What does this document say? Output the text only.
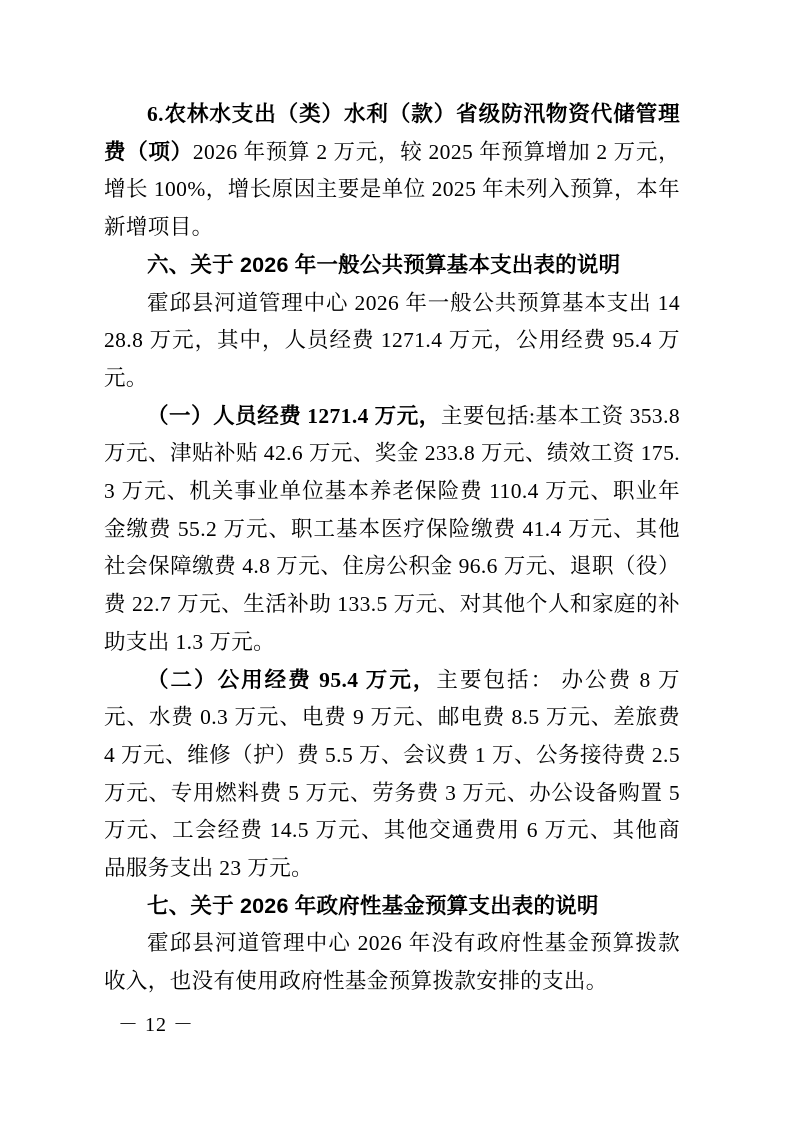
6.农林水支出（类）水利（款）省级防汛物资代储管理费（项）2026 年预算 2 万元，较 2025 年预算增加 2 万元，增长 100%，增长原因主要是单位 2025 年未列入预算，本年新增项目。

六、关于 2026 年一般公共预算基本支出表的说明

霍邱县河道管理中心 2026 年一般公共预算基本支出 1428.8 万元，其中，人员经费 1271.4 万元，公用经费 95.4 万元。

（一）人员经费 1271.4 万元，主要包括:基本工资 353.8 万元、津贴补贴 42.6 万元、奖金 233.8 万元、绩效工资 175.3 万元、机关事业单位基本养老保险费 110.4 万元、职业年金缴费 55.2 万元、职工基本医疗保险缴费 41.4 万元、其他社会保障缴费 4.8 万元、住房公积金 96.6 万元、退职（役）费 22.7 万元、生活补助 133.5 万元、对其他个人和家庭的补助支出 1.3 万元。

（二）公用经费 95.4 万元，主要包括： 办公费 8 万元、水费 0.3 万元、电费 9 万元、邮电费 8.5 万元、差旅费 4 万元、维修（护）费 5.5 万、会议费 1 万、公务接待费 2.5 万元、专用燃料费 5 万元、劳务费 3 万元、办公设备购置 5 万元、工会经费 14.5 万元、其他交通费用 6 万元、其他商品服务支出 23 万元。

七、关于 2026 年政府性基金预算支出表的说明

霍邱县河道管理中心 2026 年没有政府性基金预算拨款收入，也没有使用政府性基金预算拨款安排的支出。

－ 12 －
